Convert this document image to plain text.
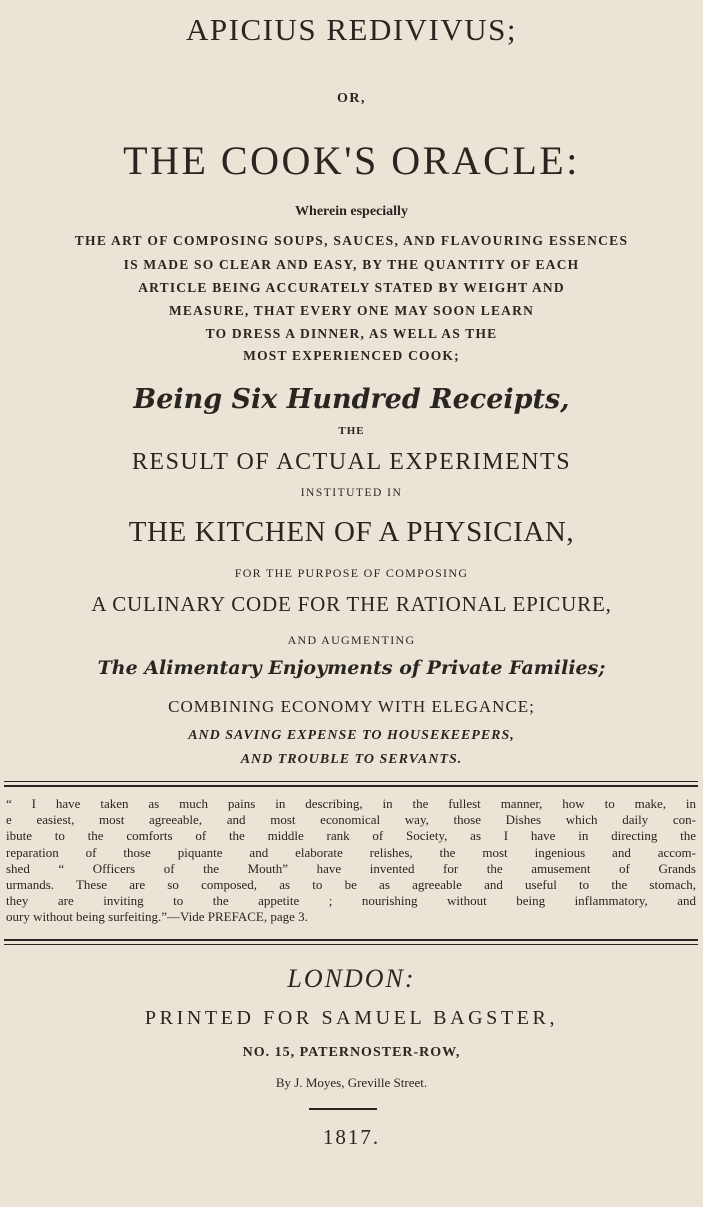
APICIUS REDIVIVUS;
OR,
THE COOK'S ORACLE:
Wherein especially
THE ART OF COMPOSING SOUPS, SAUCES, AND FLAVOURING ESSENCES
IS MADE SO CLEAR AND EASY, BY THE QUANTITY OF EACH
ARTICLE BEING ACCURATELY STATED BY WEIGHT AND
MEASURE, THAT EVERY ONE MAY SOON LEARN
TO DRESS A DINNER, AS WELL AS THE
MOST EXPERIENCED COOK;
Being Six Hundred Receipts,
THE
RESULT OF ACTUAL EXPERIMENTS
INSTITUTED IN
THE KITCHEN OF A PHYSICIAN,
FOR THE PURPOSE OF COMPOSING
A CULINARY CODE FOR THE RATIONAL EPICURE,
AND AUGMENTING
The Alimentary Enjoyments of Private Families;
COMBINING ECONOMY WITH ELEGANCE;
AND SAVING EXPENSE TO HOUSEKEEPERS,
AND TROUBLE TO SERVANTS.
“ I have taken as much pains in describing, in the fullest manner, how to make, in
e easiest, most agreeable, and most economical way, those Dishes which daily con-
ibute to the comforts of the middle rank of Society, as I have in directing the
reparation of those piquante and elaborate relishes, the most ingenious and accom-
shed “ Officers of the Mouth” have invented for the amusement of Grands
urmands. These are so composed, as to be as agreeable and useful to the stomach,
they are inviting to the appetite ; nourishing without being inflammatory, and
oury without being surfeiting.”—Vide PREFACE, page 3.
LONDON:
PRINTED FOR SAMUEL BAGSTER,
NO. 15, PATERNOSTER-ROW,
By J. Moyes, Greville Street.
1817.
